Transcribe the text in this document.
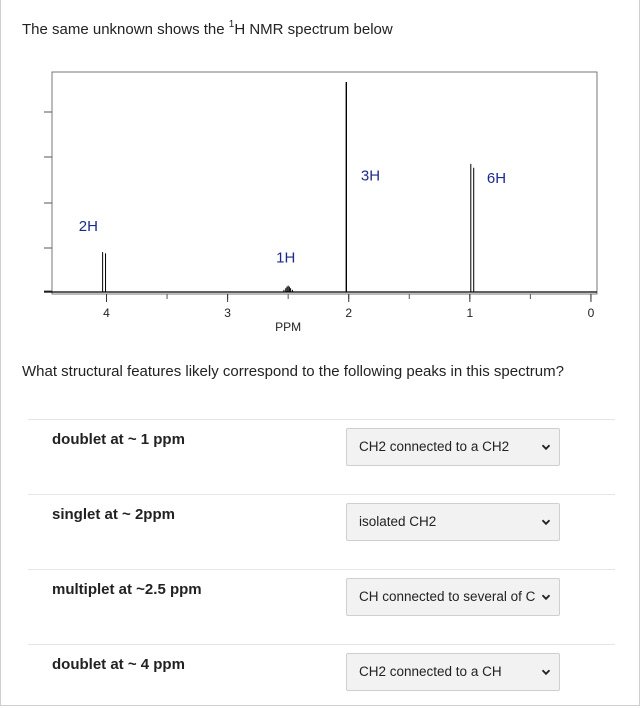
The same unknown shows the $^1$H NMR spectrum below
4	3	2	1	0
PPM
2H
1H
3H	6H
What structural features likely correspond to the following peaks in this spectrum?
doublet at ~ 1 ppm	CH2 connected to a CH2
singlet at ~ 2ppm	isolated CH2
multiplet at ~2.5 ppm	CH connected to several of C
doublet at ~ 4 ppm	CH2 connected to a CH
